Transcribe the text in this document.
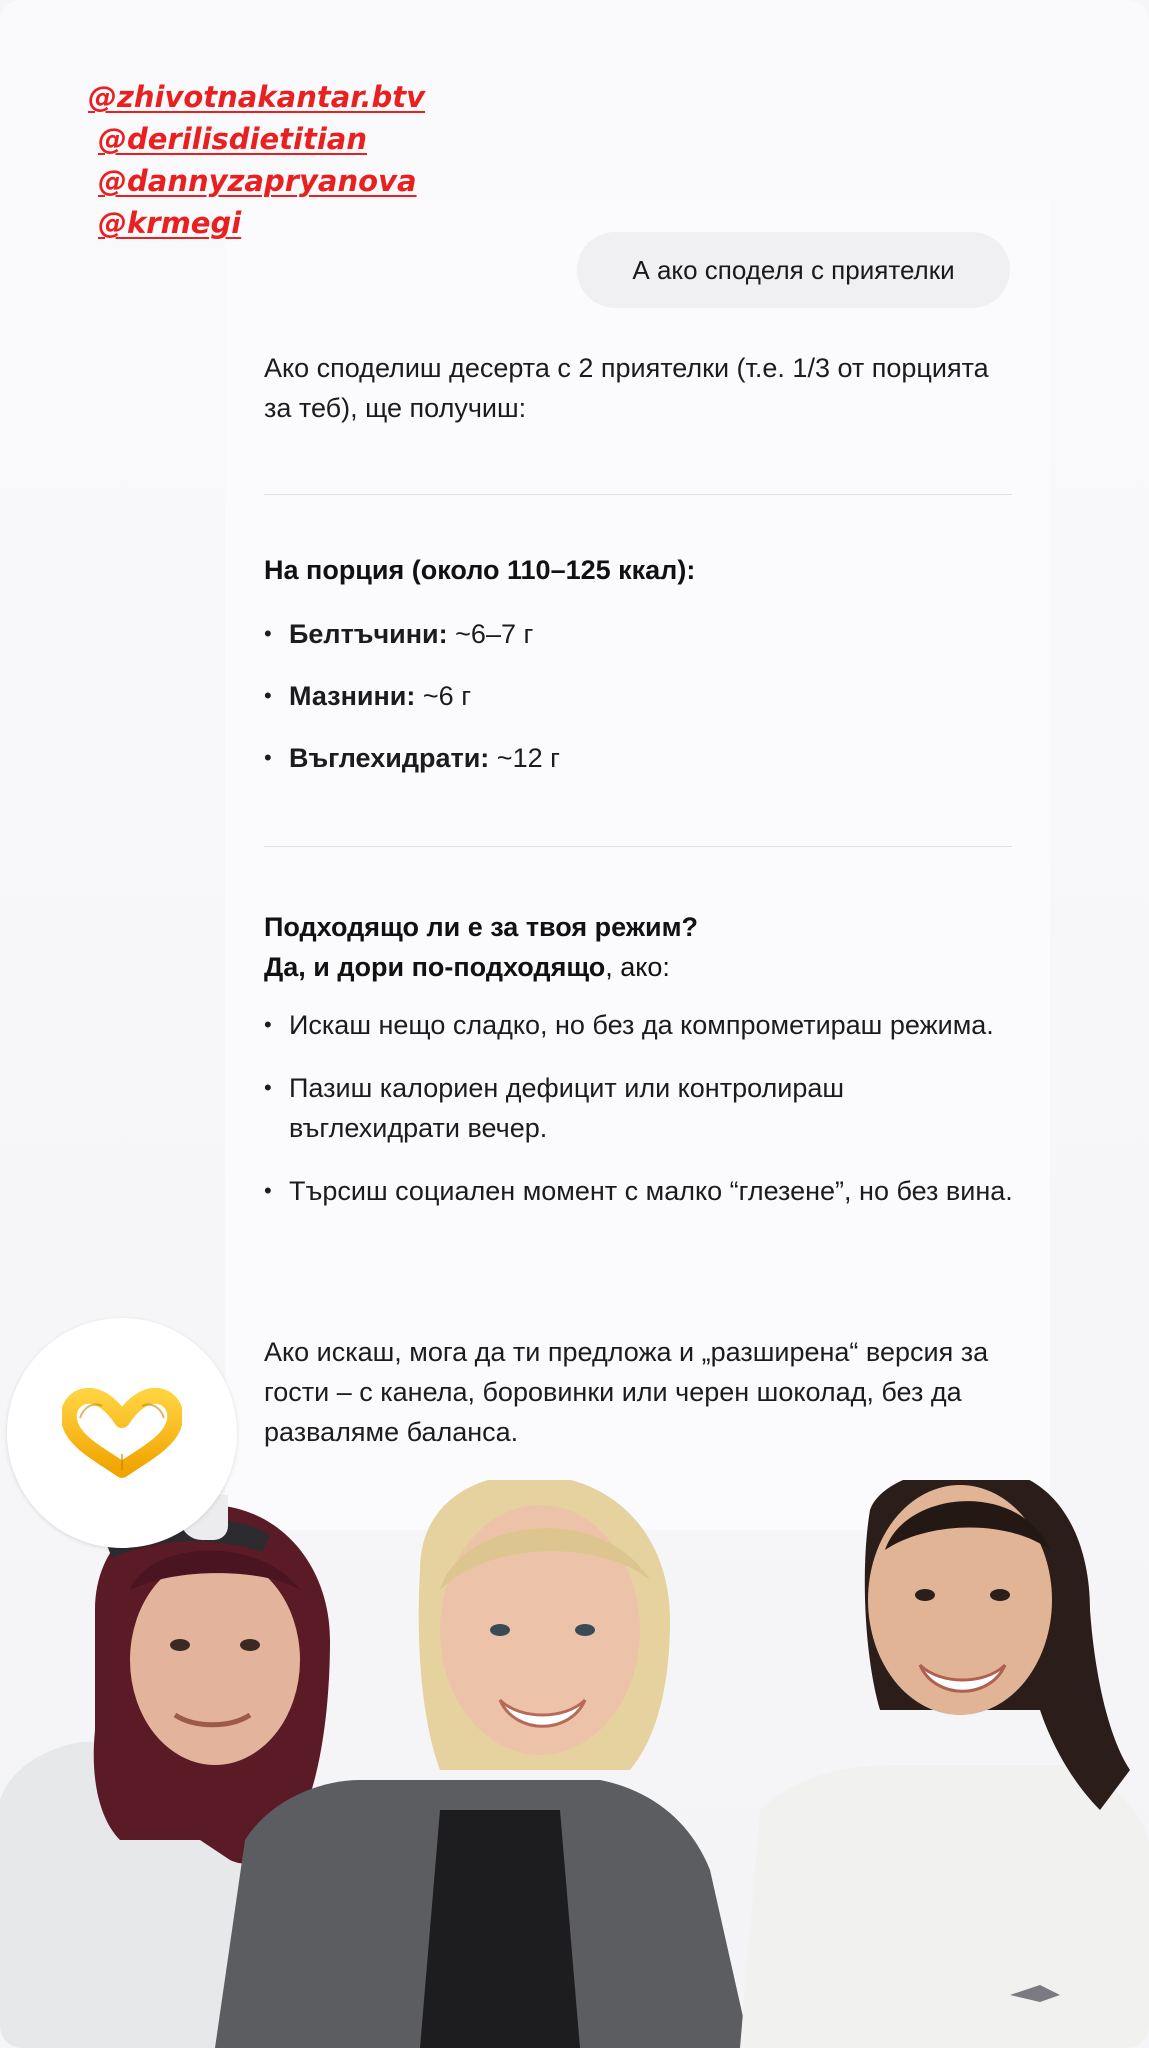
@zhivotnakantar.btv
@derilisdietitian
@dannyzapryanova
@krmegi
А ако споделя с приятелки
Ако споделиш десерта с 2 приятелки (т.е. 1/3 от порцията за теб), ще получиш:
На порция (около 110–125 ккал):
• Белтъчини: ~6–7 г
• Мазнини: ~6 г
• Въглехидрати: ~12 г
Подходящо ли е за твоя режим?
Да, и дори по-подходящо, ако:
• Искаш нещо сладко, но без да компрометираш режима.
• Пазиш калориен дефицит или контролираш въглехидрати вечер.
• Търсиш социален момент с малко “глезене”, но без вина.
Ако искаш, мога да ти предложа и „разширена“ версия за гости – с канела, боровинки или черен шоколад, без да разваляме баланса.
